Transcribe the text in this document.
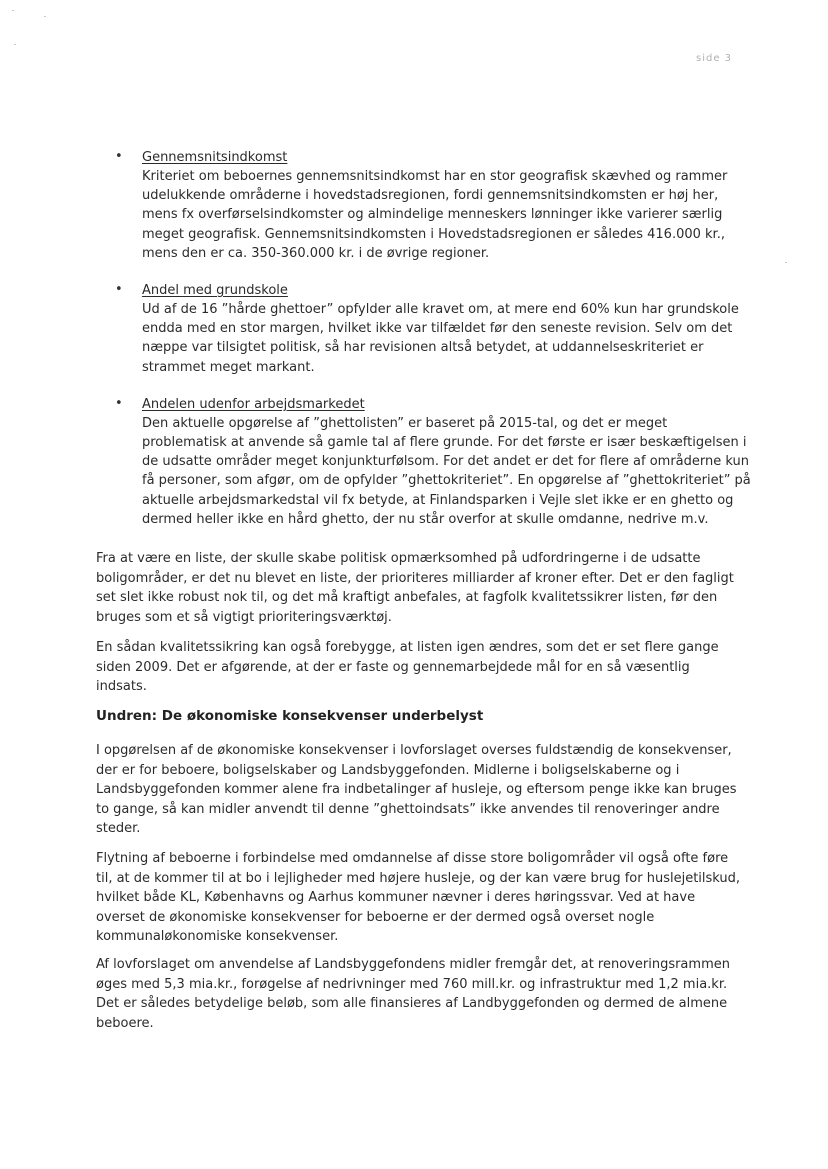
side 3
• Gennemsnitsindkomst

Kriteriet om beboernes gennemsnitsindkomst har en stor geografisk skævhed og rammer udelukkende områderne i hovedstadsregionen, fordi gennemsnitsindkomsten er høj her, mens fx overførselsindkomster og almindelige menneskers lønninger ikke varierer særlig meget geografisk. Gennemsnitsindkomsten i Hovedstadsregionen er således 416.000 kr., mens den er ca. 350-360.000 kr. i de øvrige regioner.

• Andel med grundskole

Ud af de 16 ”hårde ghettoer” opfylder alle kravet om, at mere end 60% kun har grundskole endda med en stor margen, hvilket ikke var tilfældet før den seneste revision. Selv om det næppe var tilsigtet politisk, så har revisionen altså betydet, at uddannelseskriteriet er strammet meget markant.

• Andelen udenfor arbejdsmarkedet

Den aktuelle opgørelse af ”ghettolisten” er baseret på 2015-tal, og det er meget problematisk at anvende så gamle tal af flere grunde. For det første er især beskæftigelsen i de udsatte områder meget konjunkturfølsom. For det andet er det for flere af områderne kun få personer, som afgør, om de opfylder ”ghettokriteriet”. En opgørelse af ”ghettokriteriet” på aktuelle arbejdsmarkedstal vil fx betyde, at Finlandsparken i Vejle slet ikke er en ghetto og dermed heller ikke en hård ghetto, der nu står overfor at skulle omdanne, nedrive m.v.

Fra at være en liste, der skulle skabe politisk opmærksomhed på udfordringerne i de udsatte boligområder, er det nu blevet en liste, der prioriteres milliarder af kroner efter. Det er den fagligt set slet ikke robust nok til, og det må kraftigt anbefales, at fagfolk kvalitetssikrer listen, før den bruges som et så vigtigt prioriteringsværktøj.

En sådan kvalitetssikring kan også forebygge, at listen igen ændres, som det er set flere gange siden 2009. Det er afgørende, at der er faste og gennemarbejdede mål for en så væsentlig indsats.

Undren: De økonomiske konsekvenser underbelyst

I opgørelsen af de økonomiske konsekvenser i lovforslaget overses fuldstændig de konsekvenser, der er for beboere, boligselskaber og Landsbyggefonden. Midlerne i boligselskaberne og i Landsbyggefonden kommer alene fra indbetalinger af husleje, og eftersom penge ikke kan bruges to gange, så kan midler anvendt til denne ”ghettoindsats” ikke anvendes til renoveringer andre steder.

Flytning af beboerne i forbindelse med omdannelse af disse store boligområder vil også ofte føre til, at de kommer til at bo i lejligheder med højere husleje, og der kan være brug for huslejetilskud, hvilket både KL, Københavns og Aarhus kommuner nævner i deres høringssvar. Ved at have overset de økonomiske konsekvenser for beboerne er der dermed også overset nogle kommunaløkonomiske konsekvenser.

Af lovforslaget om anvendelse af Landsbyggefondens midler fremgår det, at renoveringsrammen øges med 5,3 mia.kr., forøgelse af nedrivninger med 760 mill.kr. og infrastruktur med 1,2 mia.kr. Det er således betydelige beløb, som alle finansieres af Landbyggefonden og dermed de almene beboere.
